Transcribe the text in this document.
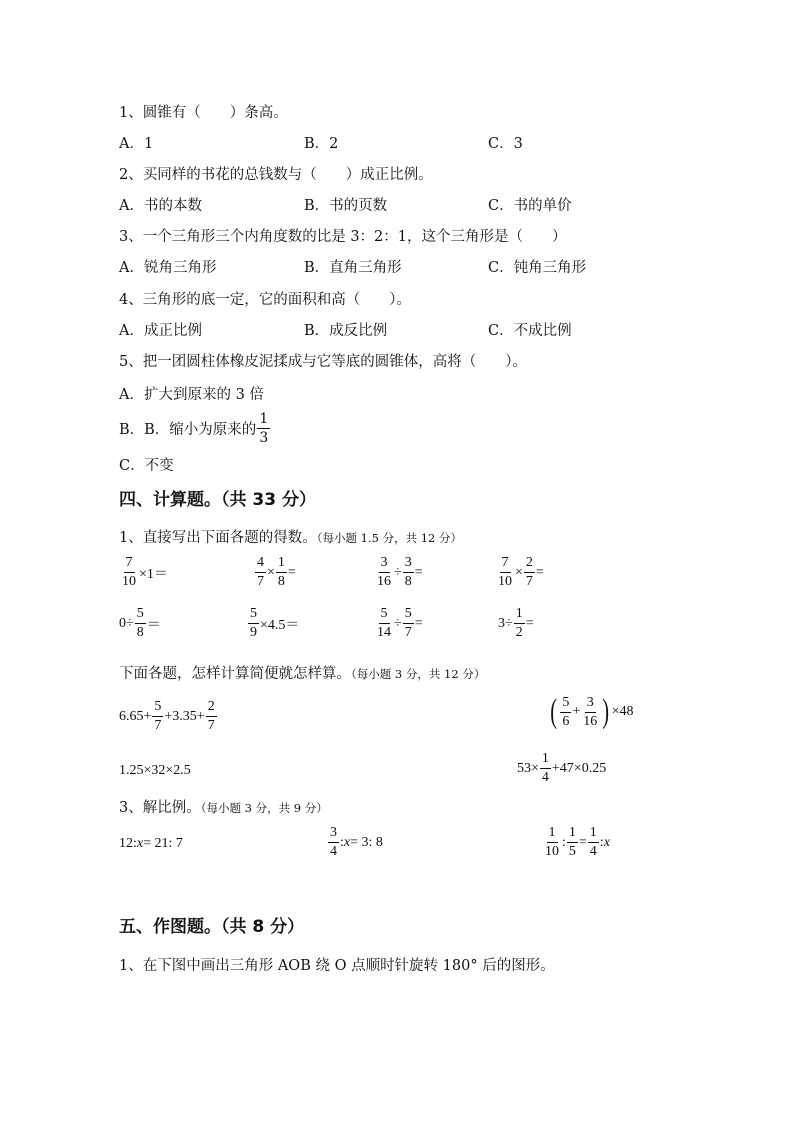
1、圆锥有（　　）条高。
A．1	B．2	C．3
2、买同样的书花的总钱数与（　　）成正比例。
A．书的本数	B．书的页数	C．书的单价
3、一个三角形三个内角度数的比是 3：2：1，这个三角形是（　　）
A．锐角三角形	B．直角三角形	C．钝角三角形
4、三角形的底一定，它的面积和高（　　）。
A．成正比例	B．成反比例	C．不成比例
5、把一团圆柱体橡皮泥揉成与它等底的圆锥体，高将（　　）。
A．扩大到原来的 3 倍
B．B．缩小为原来的 $\frac{1}{3}$
C．不变
四、计算题。（共 33 分）
1、直接写出下面各题的得数。（每小题 1.5 分，共 12 分）
$\frac{7}{10} \times 1=$	$\frac{4}{7} \times \frac{1}{8}$ =	$\frac{3}{16} \div \frac{3}{8}$ =	$\frac{7}{10} \times \frac{2}{7}$ =
$0\div \frac{5}{8}$ ＝	$\frac{5}{9} \times 4.5=$	$\frac{5}{14} \div \frac{5}{7}$ =	$3\div \frac{1}{2}$ =
下面各题，怎样计算简便就怎样算。（每小题 3 分，共 12 分）
$6.65+ \frac{5}{7} +3.35+ \frac{2}{7}$	( $\frac{5}{6} + \frac{3}{16}$ ) ×48
1.25×32×2.5	$53\times \frac{1}{4} +47\times 0.25$
3、解比例。（每小题 3 分，共 9 分）
12: x = 21: 7	$\frac{3}{4}$ : x = 3: 8	$\frac{1}{10}$ : $\frac{1}{5} = \frac{1}{4}$ : x
五、作图题。（共 8 分）
1、在下图中画出三角形 AOB 绕 O 点顺时针旋转 180° 后的图形。
